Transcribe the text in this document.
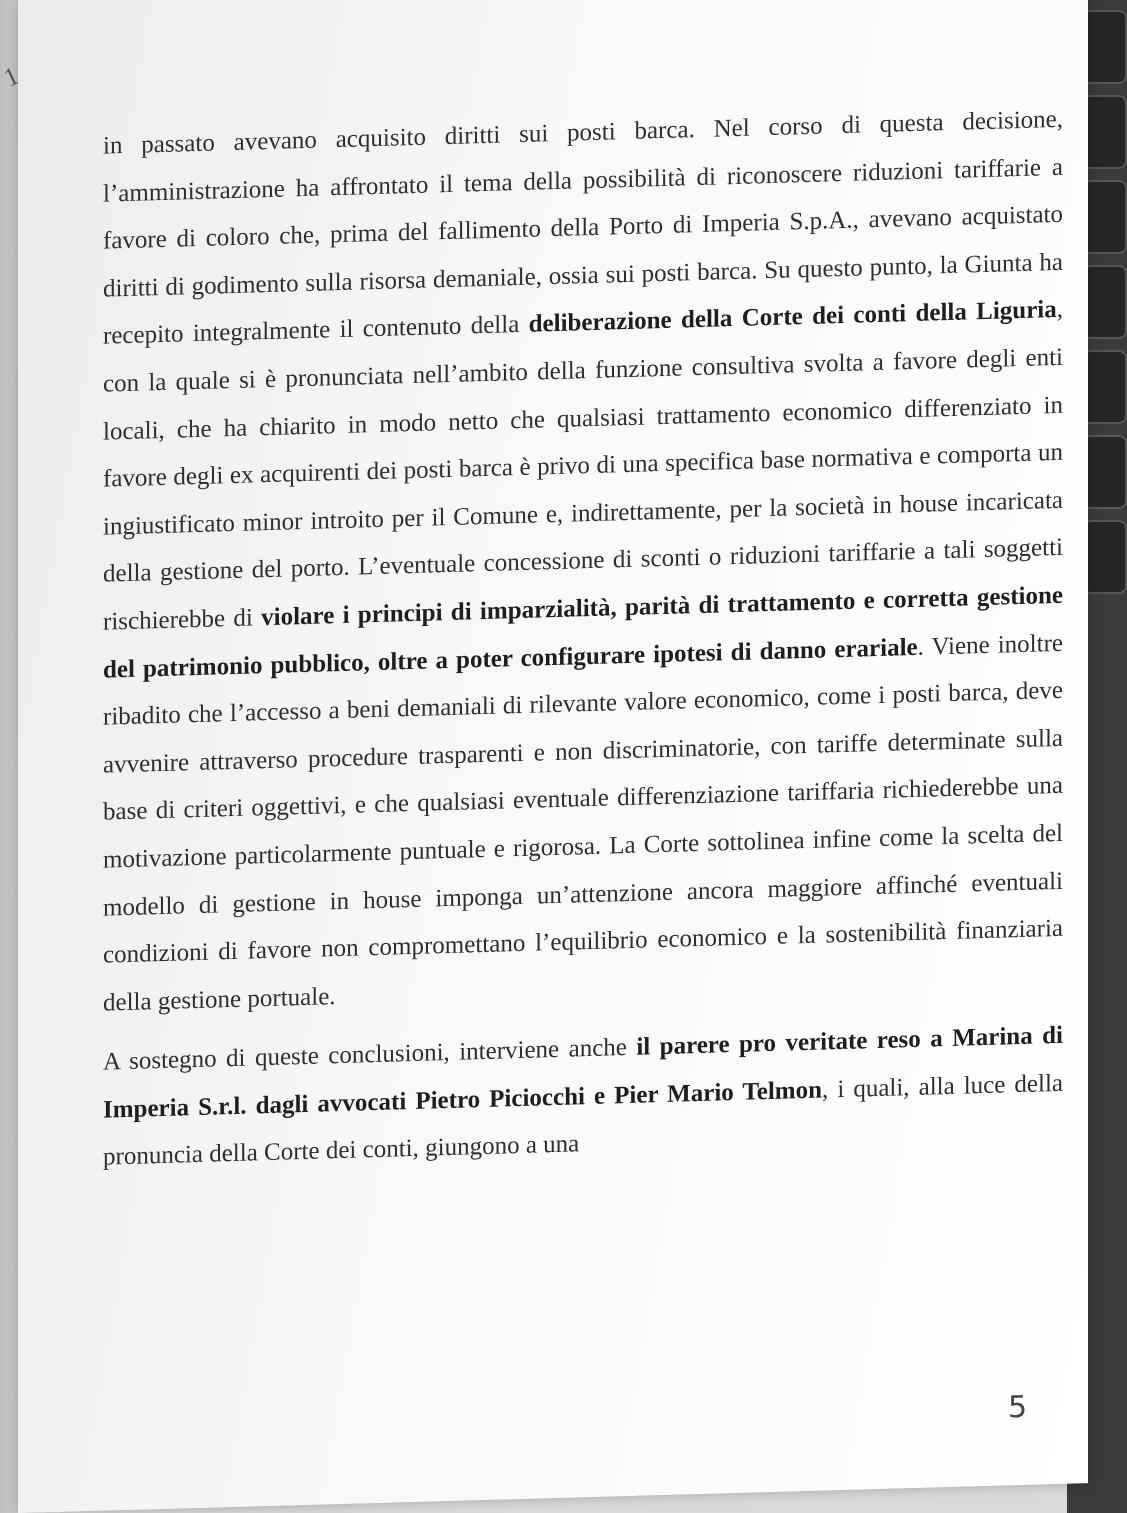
in passato avevano acquisito diritti sui posti barca. Nel corso di questa decisione, l’amministrazione ha affrontato il tema della possibilità di riconoscere riduzioni tariffarie a favore di coloro che, prima del fallimento della Porto di Imperia S.p.A., avevano acquistato diritti di godimento sulla risorsa demaniale, ossia sui posti barca. Su questo punto, la Giunta ha recepito integralmente il contenuto della deliberazione della Corte dei conti della Liguria, con la quale si è pronunciata nell’ambito della funzione consultiva svolta a favore degli enti locali, che ha chiarito in modo netto che qualsiasi trattamento economico differenziato in favore degli ex acquirenti dei posti barca è privo di una specifica base normativa e comporta un ingiustificato minor introito per il Comune e, indirettamente, per la società in house incaricata della gestione del porto. L’eventuale concessione di sconti o riduzioni tariffarie a tali soggetti rischierebbe di violare i principi di imparzialità, parità di trattamento e corretta gestione del patrimonio pubblico, oltre a poter configurare ipotesi di danno erariale. Viene inoltre ribadito che l’accesso a beni demaniali di rilevante valore economico, come i posti barca, deve avvenire attraverso procedure trasparenti e non discriminatorie, con tariffe determinate sulla base di criteri oggettivi, e che qualsiasi eventuale differenziazione tariffaria richiederebbe una motivazione particolarmente puntuale e rigorosa. La Corte sottolinea infine come la scelta del modello di gestione in house imponga un’attenzione ancora maggiore affinché eventuali condizioni di favore non compromettano l’equilibrio economico e la sostenibilità finanziaria della gestione portuale.

A sostegno di queste conclusioni, interviene anche il parere pro veritate reso a Marina di Imperia S.r.l. dagli avvocati Pietro Piciocchi e Pier Mario Telmon, i quali, alla luce della pronuncia della Corte dei conti, giungono a una

5
